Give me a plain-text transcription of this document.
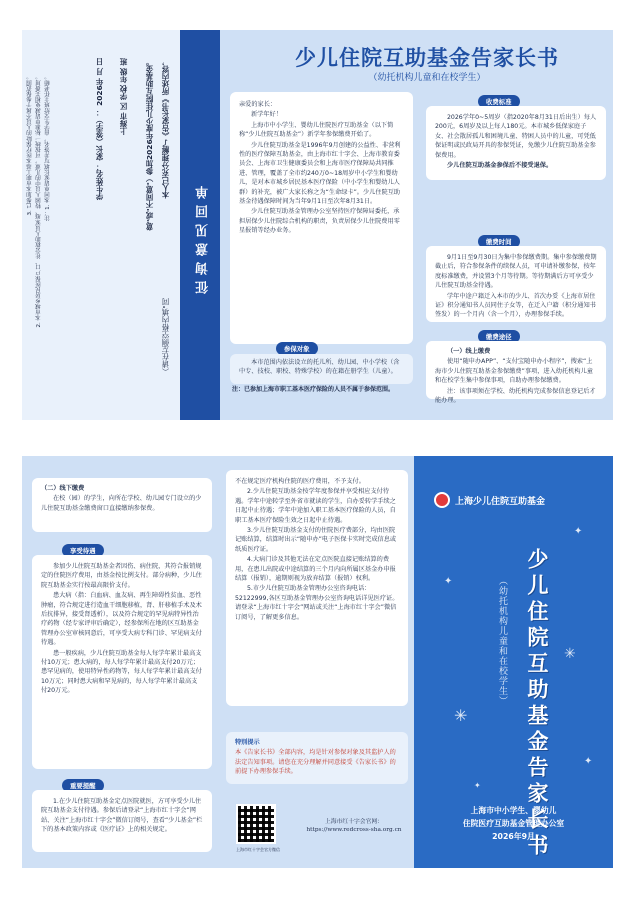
3. 已参加本市职工基本医疗保险的人员不属于参保范围。 2. 本市城乡居民医保户口、社会救助人员家庭、特困人员中的儿童，可按统一标准申请减免相关费用。 注：1. 本回单请家长填写并签名，由学生交给班主任老师。	学生姓名： 家长（签字）： 2026年 月 日 上海市 区 学校 年级 班 意"或"不同意"）参加2026年度少儿住院互助基金。 本人已充分理解了《告家长书》所述内容，
（请在左侧空格内填"同
征询意见回单
少儿住院互助基金告家长书
（幼托机构儿童和在校学生）

亲爱的家长：

新学年好！

上海市中小学生、婴幼儿住院医疗互助基金（以下简称“少儿住院互助基金”）新学年参保缴费开始了。

少儿住院互助基金是1996年9月创建的公益性、非营利性的医疗保障互助基金，由上海市红十字会、上海市教育委员会、上海市卫生健康委员会和上海市医疗保障局共同推进、管理，覆盖了全市约240万0~18周岁中小学生和婴幼儿，是对本市城乡居民基本医疗保险（中小学生和婴幼儿人群）的补充，被广大家长称之为“生命绿卡”。少儿住院互助基金待遇保障时间为当年9月1日至次年8月31日。

少儿住院互助基金管理办公室坚持医疗保障局委托，承担居保少儿住院综合机构的职责，负责居保少儿住院费用零星报销等经办业务。

参保对象

本市范围内依法设立的托儿所、幼儿园、中小学校（含中专、技校、职校、特殊学校）的在籍在册学生（儿童）。

注：已参加上海市职工基本医疗保险的人员不属于参保范围。
收费标准

2026学年0~5周岁（指2020年8月31日后出生）每人200元，6周岁及以上每人180元。本市城乡低保家庭子女、社会散居孤儿和困境儿童、特困人员中的儿童，可凭低保证明或民政局开具的参保凭证，免缴少儿住院互助基金参保费用。

少儿住院互助基金参保后不接受退保。

缴费时间

9月1日至9月30日为集中参保缴费期。集中参保缴费期截止后，符合参保条件的续保人员，可申请补缴参保，按年度标准缴费，并设置3个月等待期。等待期满后方可享受少儿住院互助基金待遇。

学年中途户籍迁入本市的少儿、首次办妥《上海市居住证》积分通知书人员同住子女等，在迁入户籍（积分通知书签发）的一个月内（含一个月），办理参保手续。

缴费途径

（一）线上缴费

使用“随申办APP”、“支付宝随申办小程序”，搜索“上海市少儿住院互助基金参保缴费”事项，进入幼托机构儿童和在校学生集中参保事项，自助办理参保缴费。

注：该事项须在学校、幼托机构完成参保信息登记后才能办理。

（二）线下缴费

在校（园）的学生，向所在学校、幼儿园专门设立的少儿住院互助基金缴费窗口直接缴纳参保费。

享受待遇

参加少儿住院互助基金者因伤、病住院，其符合报销规定的住院医疗费用，由基金按比例支付。部分病种，少儿住院互助基金实行按最高限价支付。

患大病（指：白血病、血友病、再生障碍性贫血、恶性肿瘤，符合规定进行造血干细胞移植，肾、肝移植手术及术后抗排异，接受肾透析），以及符合规定的罕见病特异性治疗药物（经专家评审后确定），经参保所在地的区互助基金管理办公室审核同意后，可享受大病专科门诊、罕见病支付待遇。

患一般疾病，少儿住院互助基金每人每学年累计最高支付10万元；患大病的，每人每学年累计最高支付20万元；患罕见病的，使用特异性药物等，每人每学年累计最高支付10万元；同时患大病和罕见病的，每人每学年累计最高支付20万元。

重要提醒

1.在少儿住院互助基金定点医院就医，方可享受少儿住院互助基金支付待遇。参保后请登录“上海市红十字会”网站、关注“上海市红十字会”微信订阅号，查看“少儿基金”栏下的基本政策内容或《医疗证》上的相关规定。

不在规定医疗机构住院的医疗费用，不予支付。

2.少儿住院互助基金按学年度参保并享受相应支付待遇。学年中途转学至外省市就读的学生，自办妥转学手续之日起中止待遇；学年中途加入职工基本医疗保险的人员，自职工基本医疗保险生效之日起中止待遇。

3.少儿住院互助基金支付的住院医疗费部分，均由医院记账结算，结算时出示“随申办”电子医保卡实时完成信息或纸质医疗证。

4.大病门诊及其他无法在定点医院直接记账结算的费用，在患儿出院或中途结算的三个月内向所属区基金办申报结算（报销），逾期则视为放弃结算（报销）权利。

5.市少儿住院互助基金管理办公室咨询电话：52122999,各区互助基金管理办公室咨询电话详见医疗证。请登录“上海市红十字会”网站或关注“上海市红十字会”微信订阅号，了解更多信息。

特别提示

本《告家长书》全部内容，均是针对参保对象及其监护人的法定告知事项。请您在充分理解并同意接受《告家长书》的前提下办理参保手续。

上海市红十字会官方微信
上海市红十字会官网：
https://www.redcross-sha.org.cn
✦
✦
✳
✳
✦
✦
上海少儿住院互助基金
少儿住院互助基金告家长书
（幼托机构儿童和在校学生）
上海市中小学生、婴幼儿
住院医疗互助基金管理办公室
2026年9月
